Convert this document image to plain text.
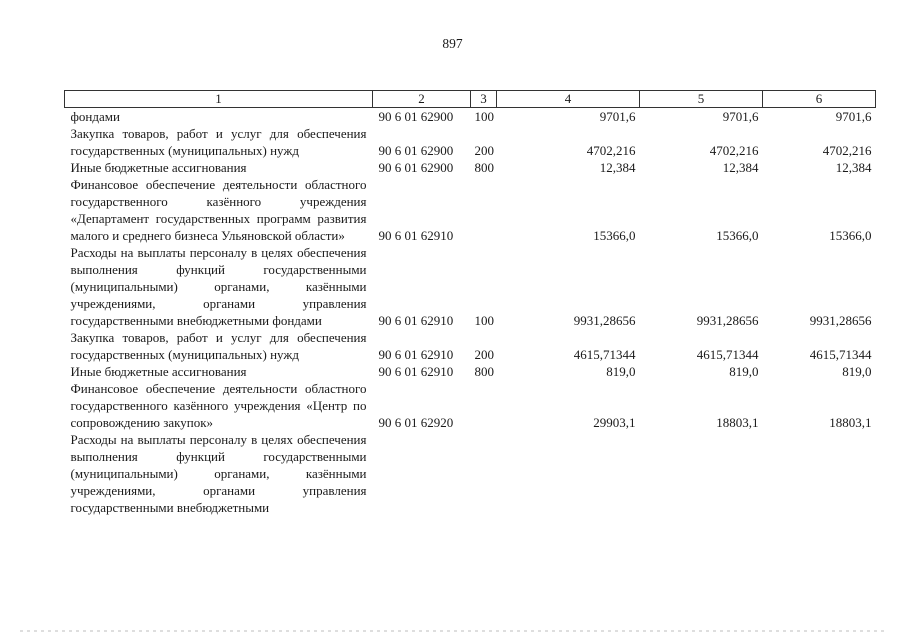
897
1	2	3	4	5	6
фондами	90 6 01 62900	100	9701,6	9701,6	9701,6
Закупка товаров, работ и услуг для обеспечения государственных (муниципальных) нужд	90 6 01 62900	200	4702,216	4702,216	4702,216
Иные бюджетные ассигнования	90 6 01 62900	800	12,384	12,384	12,384
Финансовое обеспечение деятельности областного государственного казённого учреждения «Департамент государственных программ развития малого и среднего бизнеса Ульяновской области»	90 6 01 62910		15366,0	15366,0	15366,0
Расходы на выплаты персоналу в целях обеспечения выполнения функций государственными (муниципальными) органами, казёнными учреждениями, органами управления государственными внебюджетными фондами	90 6 01 62910	100	9931,28656	9931,28656	9931,28656
Закупка товаров, работ и услуг для обеспечения государственных (муниципальных) нужд	90 6 01 62910	200	4615,71344	4615,71344	4615,71344
Иные бюджетные ассигнования	90 6 01 62910	800	819,0	819,0	819,0
Финансовое обеспечение деятельности областного государственного казённого учреждения «Центр по сопровождению закупок»	90 6 01 62920		29903,1	18803,1	18803,1
Расходы на выплаты персоналу в целях обеспечения выполнения функций государственными (муниципальными) органами, казёнными учреждениями, органами управления государственными внебюджетными					
